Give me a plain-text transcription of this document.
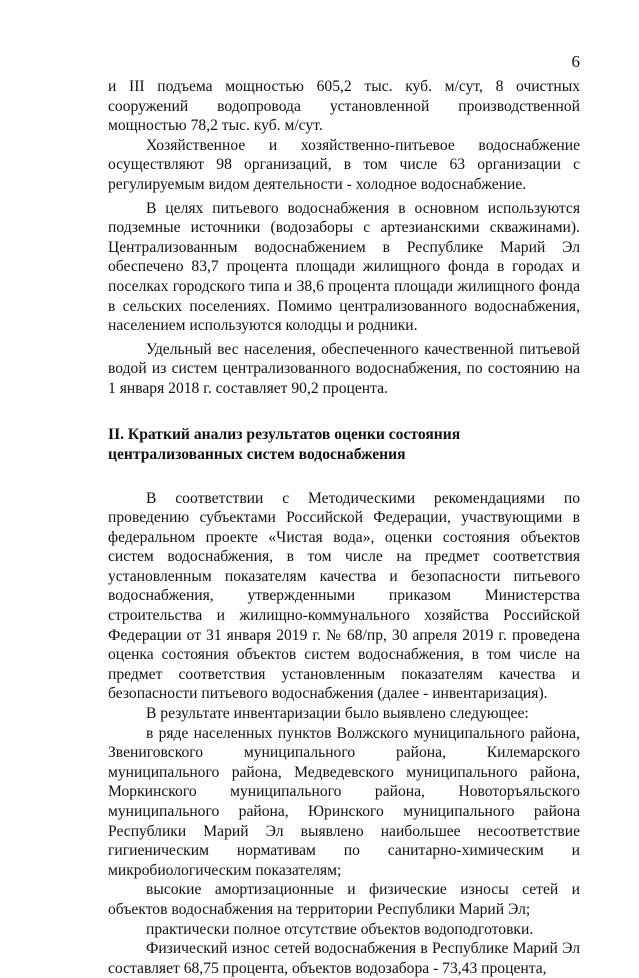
6

и III подъема мощностью 605,2 тыс. куб. м/сут, 8 очистных сооружений водопровода установленной производственной мощностью 78,2 тыс. куб. м/сут.

Хозяйственное и хозяйственно-питьевое водоснабжение осуществляют 98 организаций, в том числе 63 организации с регулируемым видом деятельности - холодное водоснабжение.

В целях питьевого водоснабжения в основном используются подземные источники (водозаборы с артезианскими скважинами). Централизованным водоснабжением в Республике Марий Эл обеспечено 83,7 процента площади жилищного фонда в городах и поселках городского типа и 38,6 процента площади жилищного фонда в сельских поселениях. Помимо централизованного водоснабжения, населением используются колодцы и родники.

Удельный вес населения, обеспеченного качественной питьевой водой из систем централизованного водоснабжения, по состоянию на 1 января 2018 г. составляет 90,2 процента.

II. Краткий анализ результатов оценки состояния

централизованных систем водоснабжения

В соответствии с Методическими рекомендациями по проведению субъектами Российской Федерации, участвующими в федеральном проекте «Чистая вода», оценки состояния объектов систем водоснабжения, в том числе на предмет соответствия установленным показателям качества и безопасности питьевого водоснабжения, утвержденными приказом Министерства строительства и жилищно-коммунального хозяйства Российской Федерации от 31 января 2019 г. № 68/пр, 30 апреля 2019 г. проведена оценка состояния объектов систем водоснабжения, в том числе на предмет соответствия установленным показателям качества и безопасности питьевого водоснабжения (далее - инвентаризация).

В результате инвентаризации было выявлено следующее:

в ряде населенных пунктов Волжского муниципального района, Звениговского муниципального района, Килемарского муниципального района, Медведевского муниципального района, Моркинского муниципального района, Новоторъяльского муниципального района, Юринского муниципального района Республики Марий Эл выявлено наибольшее несоответствие гигиеническим нормативам по санитарно-химическим и микробиологическим показателям;

высокие амортизационные и физические износы сетей и объектов водоснабжения на территории Республики Марий Эл;

практически полное отсутствие объектов водоподготовки.

Физический износ сетей водоснабжения в Республике Марий Эл составляет 68,75 процента, объектов водозабора - 73,43 процента,
